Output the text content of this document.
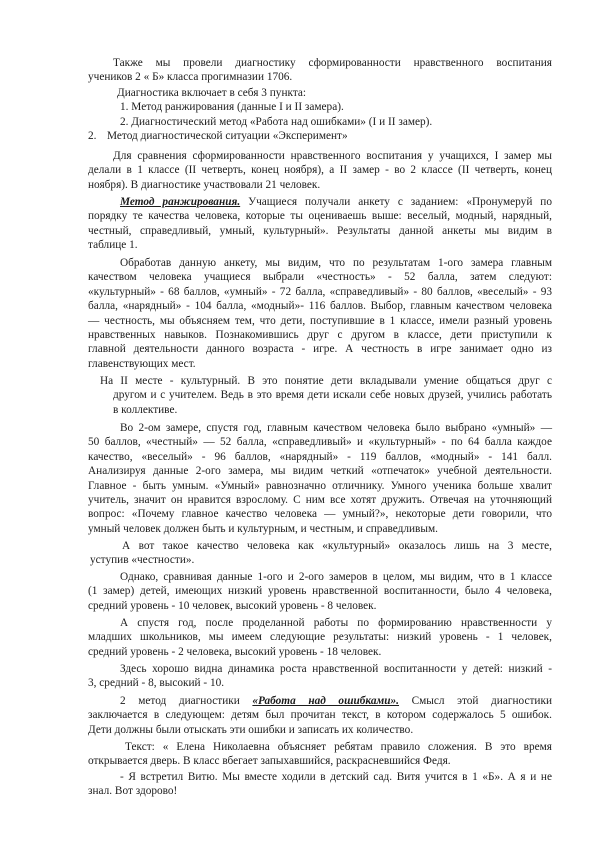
Также мы провели диагностику сформированности нравственного воспитания
учеников 2 « Б» класса прогимназии 1706.
Диагностика включает в себя 3 пункта:
1. Метод ранжирования (данные I и II замера).
2. Диагностический метод «Работа над ошибками» (I и II замер).
2. Метод диагностической ситуации «Эксперимент»
Для сравнения сформированности нравственного воспитания у учащихся, I замер мы
делали в 1 классе (II четверть, конец ноября), а II замер - во 2 классе (II четверть, конец
ноября). В диагностике участвовали 21 человек.
Метод ранжирования. Учащиеся получали анкету с заданием: «Пронумеруй по
порядку те качества человека, которые ты оцениваешь выше: веселый, модный, нарядный,
честный, справедливый, умный, культурный». Результаты данной анкеты мы видим в
таблице 1.
Обработав данную анкету, мы видим, что по результатам 1-ого замера главным
качеством человека учащиеся выбрали «честность» - 52 балла, затем следуют:
«культурный» - 68 баллов, «умный» - 72 балла, «справедливый» - 80 баллов, «веселый» - 93
балла, «нарядный» - 104 балла, «модный»- 116 баллов. Выбор, главным качеством человека
— честность, мы объясняем тем, что дети, поступившие в 1 классе, имели разный уровень
нравственных навыков. Познакомившись друг с другом в классе, дети приступили к
главной деятельности данного возраста - игре. А честность в игре занимает одно из
главенствующих мест.
На II месте - культурный. В это понятие дети вкладывали умение общаться друг с
другом и с учителем. Ведь в это время дети искали себе новых друзей, учились работать
в коллективе.
Во 2-ом замере, спустя год, главным качеством человека было выбрано «умный» —
50 баллов, «честный» — 52 балла, «справедливый» и «культурный» - по 64 балла каждое
качество, «веселый» - 96 баллов, «нарядный» - 119 баллов, «модный» - 141 балл.
Анализируя данные 2-ого замера, мы видим четкий «отпечаток» учебной деятельности.
Главное - быть умным. «Умный» равнозначно отличнику. Умного ученика больше хвалит
учитель, значит он нравится взрослому. С ним все хотят дружить. Отвечая на уточняющий
вопрос: «Почему главное качество человека — умный?», некоторые дети говорили, что
умный человек должен быть и культурным, и честным, и справедливым.
А вот такое качество человека как «культурный» оказалось лишь на 3 месте,
уступив «честности».
Однако, сравнивая данные 1-ого и 2-ого замеров в целом, мы видим, что в 1 классе
(1 замер) детей, имеющих низкий уровень нравственной воспитанности, было 4 человека,
средний уровень - 10 человек, высокий уровень - 8 человек.
А спустя год, после проделанной работы по формированию нравственности у
младших школьников, мы имеем следующие результаты: низкий уровень - 1 человек,
средний уровень - 2 человека, высокий уровень - 18 человек.
Здесь хорошо видна динамика роста нравственной воспитанности у детей: низкий -
3, средний - 8, высокий - 10.
2 метод диагностики «Работа над ошибками». Смысл этой диагностики
заключается в следующем: детям был прочитан текст, в котором содержалось 5 ошибок.
Дети должны были отыскать эти ошибки и записать их количество.
Текст: « Елена Николаевна объясняет ребятам правило сложения. В это время
открывается дверь. В класс вбегает запыхавшийся, раскрасневшийся Федя.
- Я встретил Витю. Мы вместе ходили в детский сад. Витя учится в 1 «Б». А я и не
знал. Вот здорово!
